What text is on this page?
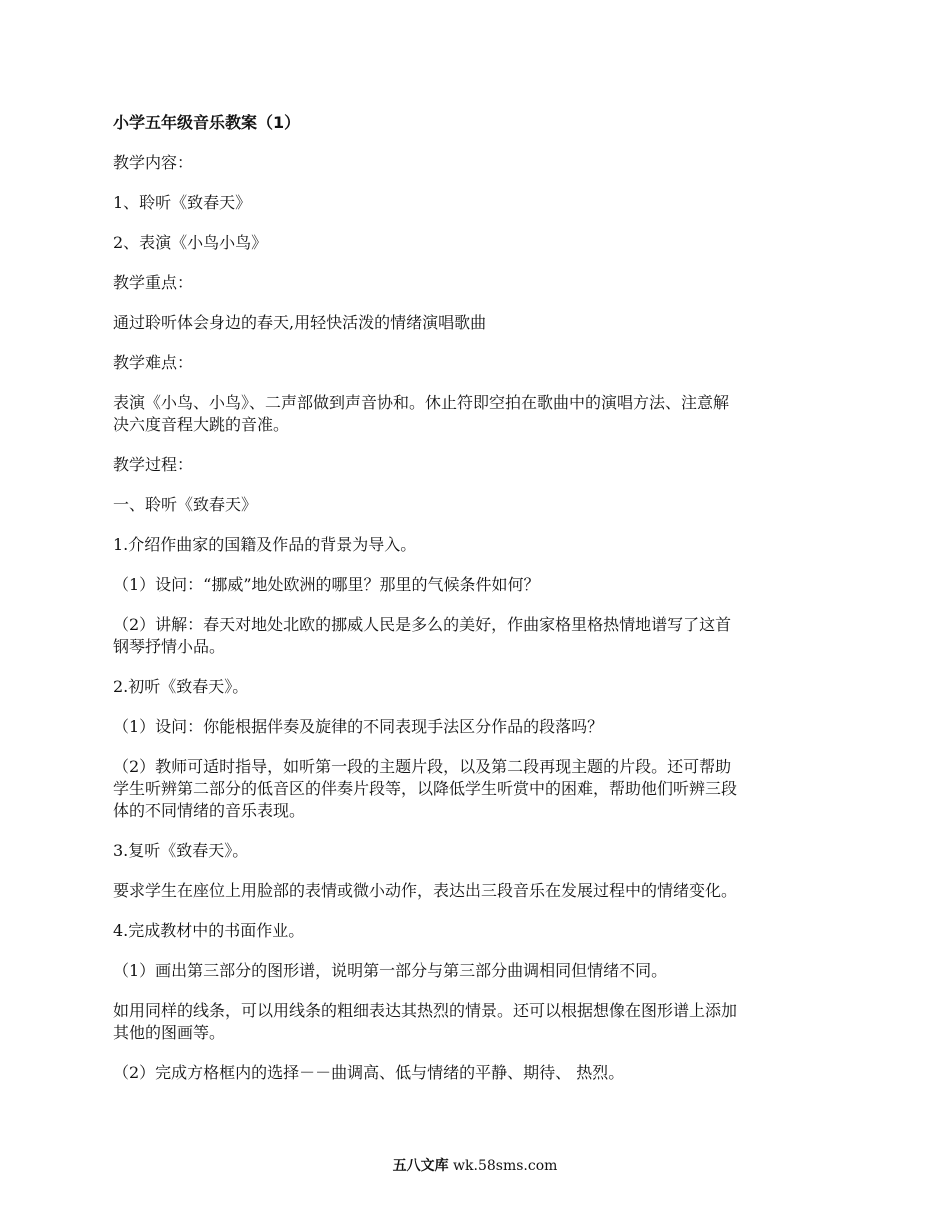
小学五年级音乐教案（1）
教学内容：
1、聆听《致春天》
2、表演《小鸟小鸟》
教学重点：
通过聆听体会身边的春天,用轻快活泼的情绪演唱歌曲
教学难点：
表演《小鸟、小鸟》、二声部做到声音协和。休止符即空拍在歌曲中的演唱方法、注意解
决六度音程大跳的音准。
教学过程：
一、聆听《致春天》
1.介绍作曲家的国籍及作品的背景为导入。
（1）设问：“挪威”地处欧洲的哪里？那里的气候条件如何？
（2）讲解：春天对地处北欧的挪威人民是多么的美好，作曲家格里格热情地谱写了这首
钢琴抒情小品。
2.初听《致春天》。
（1）设问：你能根据伴奏及旋律的不同表现手法区分作品的段落吗？
（2）教师可适时指导，如听第一段的主题片段，以及第二段再现主题的片段。还可帮助
学生听辨第二部分的低音区的伴奏片段等，以降低学生听赏中的困难，帮助他们听辨三段
体的不同情绪的音乐表现。
3.复听《致春天》。
要求学生在座位上用脸部的表情或微小动作，表达出三段音乐在发展过程中的情绪变化。
4.完成教材中的书面作业。
（1）画出第三部分的图形谱，说明第一部分与第三部分曲调相同但情绪不同。
如用同样的线条，可以用线条的粗细表达其热烈的情景。还可以根据想像在图形谱上添加
其他的图画等。
（2）完成方格框内的选择－－曲调高、低与情绪的平静、期待、 热烈。
五八文库 wk.58sms.com
